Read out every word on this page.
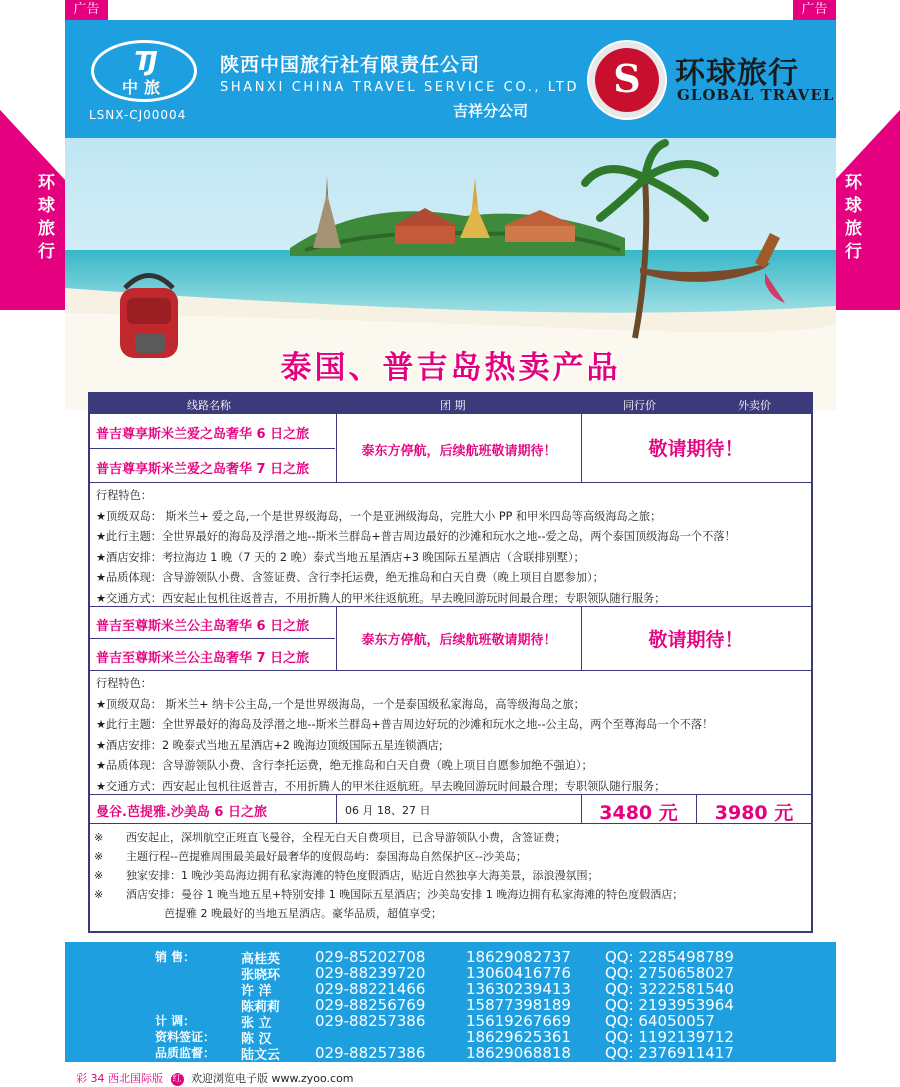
广告	广告
环
球
旅
行
环
球
旅
行
TJ
中旅
LSNX-CJ00004
陕西中国旅行社有限责任公司
SHANXI CHINA TRAVEL SERVICE CO., LTD
吉祥分公司
S	环球旅行
GLOBAL TRAVEL
泰国、普吉岛热卖产品
线路名称	团 期	同行价	外卖价
普吉尊享斯米兰爱之岛奢华 6 日之旅
普吉尊享斯米兰爱之岛奢华 7 日之旅
泰东方停航，后续航班敬请期待！	敬请期待！
行程特色：
★顶级双岛： 斯米兰+ 爱之岛,一个是世界级海岛，一个是亚洲级海岛，完胜大小 PP 和甲米四岛等高级海岛之旅；
★此行主题：全世界最好的海岛及浮潜之地--斯米兰群岛+普吉周边最好的沙滩和玩水之地--爱之岛，两个泰国顶级海岛一个不落！
★酒店安排：考拉海边 1 晚（7 天的 2 晚）泰式当地五星酒店+3 晚国际五星酒店（含联排别墅）；
★品质体现：含导游领队小费、含签证费、含行李托运费，绝无推岛和白天自费（晚上项目自愿参加）；
★交通方式：西安起止包机往返普吉，不用折腾人的甲米往返航班。早去晚回游玩时间最合理；专职领队随行服务；
普吉至尊斯米兰公主岛奢华 6 日之旅
普吉至尊斯米兰公主岛奢华 7 日之旅
泰东方停航，后续航班敬请期待！	敬请期待！
行程特色：
★顶级双岛： 斯米兰+ 纳卡公主岛,一个是世界级海岛，一个是泰国级私家海岛，高等级海岛之旅；
★此行主题：全世界最好的海岛及浮潜之地--斯米兰群岛+普吉周边好玩的沙滩和玩水之地--公主岛，两个至尊海岛一个不落！
★酒店安排：2 晚泰式当地五星酒店+2 晚海边顶级国际五星连锁酒店;
★品质体现：含导游领队小费、含行李托运费，绝无推岛和白天自费（晚上项目自愿参加绝不强迫）；
★交通方式：西安起止包机往返普吉，不用折腾人的甲米往返航班。早去晚回游玩时间最合理；专职领队随行服务；
曼谷.芭提雅.沙美岛 6 日之旅	06 月 18、27 日	3480 元	3980 元
※ 西安起止，深圳航空正班直飞曼谷，全程无白天自费项目，已含导游领队小费，含签证费；
※ 主题行程--芭提雅周围最美最好最奢华的度假岛屿：泰国海岛自然保护区--沙美岛；
※ 独家安排：1 晚沙美岛海边拥有私家海滩的特色度假酒店，贴近自然独享大海美景，添浪漫氛围；
※ 酒店安排：曼谷 1 晚当地五星+特别安排 1 晚国际五星酒店；沙美岛安排 1 晚海边拥有私家海滩的特色度假酒店；
芭提雅 2 晚最好的当地五星酒店。豪华品质，超值享受；
销 售：	高桂英 029-85202708	18629082737 QQ: 2285498789
张晓环 029-88239720	13060416776 QQ: 2750658027
许 洋	029-88221466	13630239413 QQ: 3222581540
陈莉莉 029-88256769	15877398189 QQ: 2193953964
计 调：	张 立	029-88257386	15619267669 QQ: 64050057
资料签证： 陈 汉	18629625361 QQ: 1192139712
品质监督： 陆文云 029-88257386	18629068818 QQ: 2376911417
彩 34 西北国际版 红 欢迎浏览电子版 www.zyoo.com
